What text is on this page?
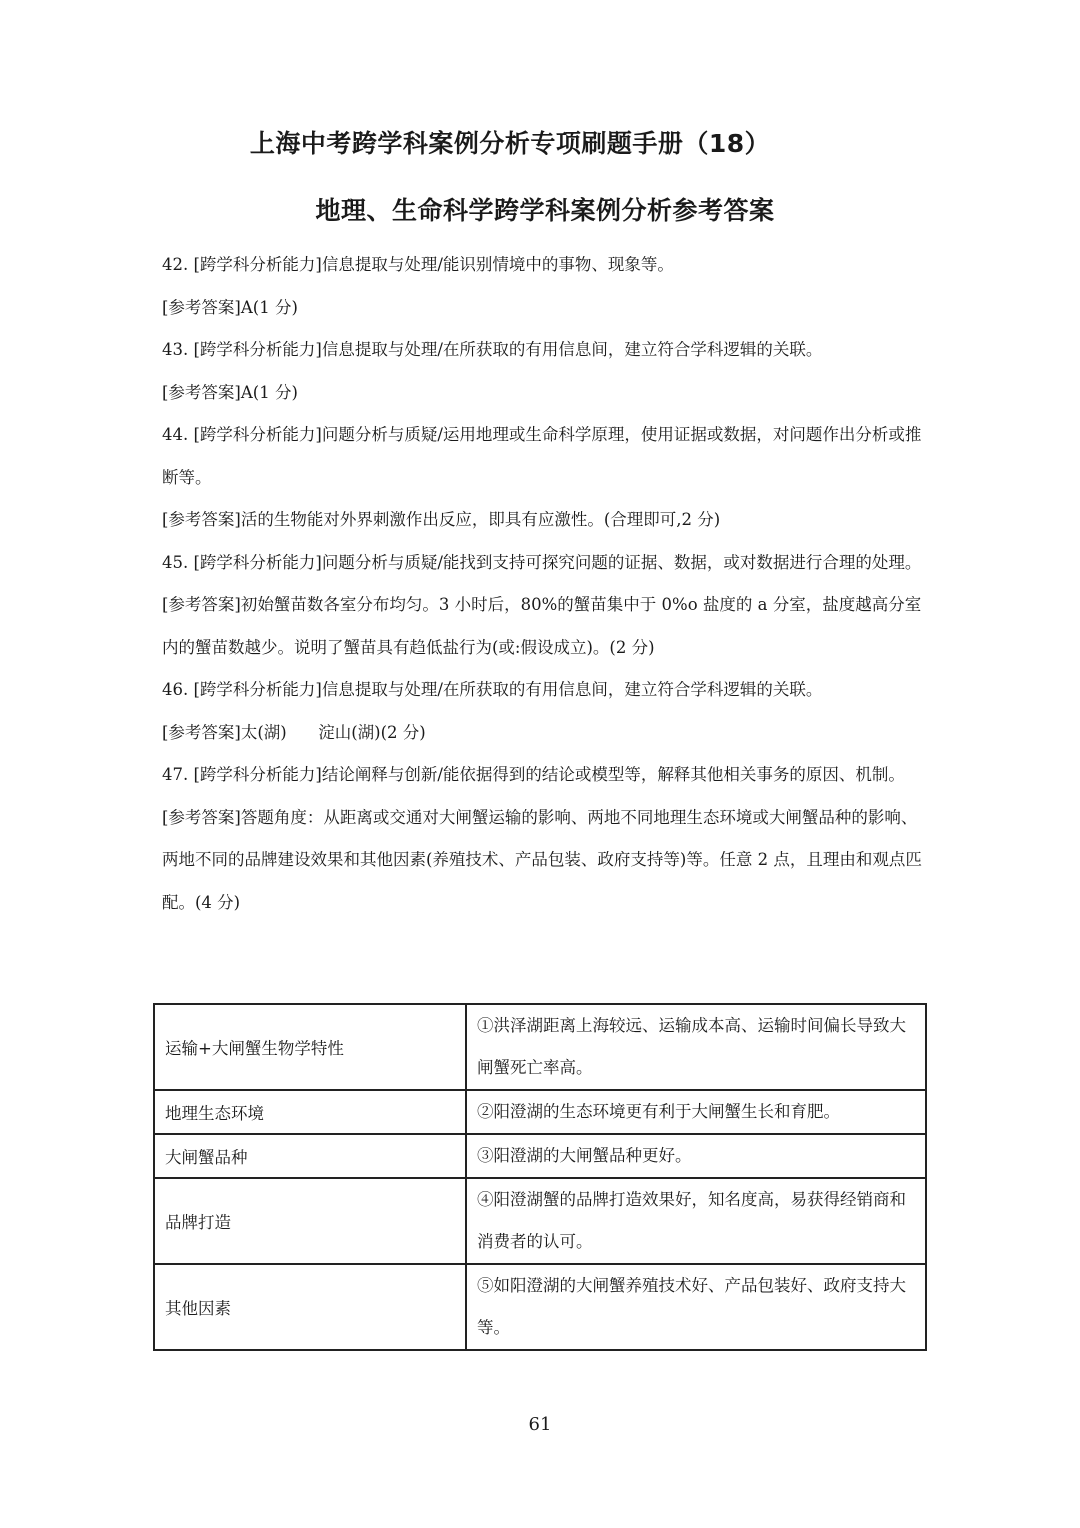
上海中考跨学科案例分析专项刷题手册（18）
地理、生命科学跨学科案例分析参考答案

42. [跨学科分析能力]信息提取与处理/能识别情境中的事物、现象等。

[参考答案]A(1 分)

43. [跨学科分析能力]信息提取与处理/在所获取的有用信息间，建立符合学科逻辑的关联。

[参考答案]A(1 分)

44. [跨学科分析能力]问题分析与质疑/运用地理或生命科学原理，使用证据或数据，对问题作出分析或推断等。

[参考答案]活的生物能对外界刺激作出反应，即具有应激性。(合理即可,2 分)

45. [跨学科分析能力]问题分析与质疑/能找到支持可探究问题的证据、数据，或对数据进行合理的处理。

[参考答案]初始蟹苗数各室分布均匀。3 小时后，80%的蟹苗集中于 0%o 盐度的 a 分室，盐度越高分室内的蟹苗数越少。说明了蟹苗具有趋低盐行为(或:假设成立)。(2 分)

46. [跨学科分析能力]信息提取与处理/在所获取的有用信息间，建立符合学科逻辑的关联。

[参考答案]太(湖)      淀山(湖)(2 分)

47. [跨学科分析能力]结论阐释与创新/能依据得到的结论或模型等，解释其他相关事务的原因、机制。

[参考答案]答题角度：从距离或交通对大闸蟹运输的影响、两地不同地理生态环境或大闸蟹品种的影响、两地不同的品牌建设效果和其他因素(养殖技术、产品包装、政府支持等)等。任意 2 点，且理由和观点匹配。(4 分)

运输+大闸蟹生物学特性	①洪泽湖距离上海较远、运输成本高、运输时间偏长导致大闸蟹死亡率高。
地理生态环境	②阳澄湖的生态环境更有利于大闸蟹生长和育肥。
大闸蟹品种	③阳澄湖的大闸蟹品种更好。
品牌打造	④阳澄湖蟹的品牌打造效果好，知名度高，易获得经销商和消费者的认可。
其他因素	⑤如阳澄湖的大闸蟹养殖技术好、产品包装好、政府支持大等。
61
